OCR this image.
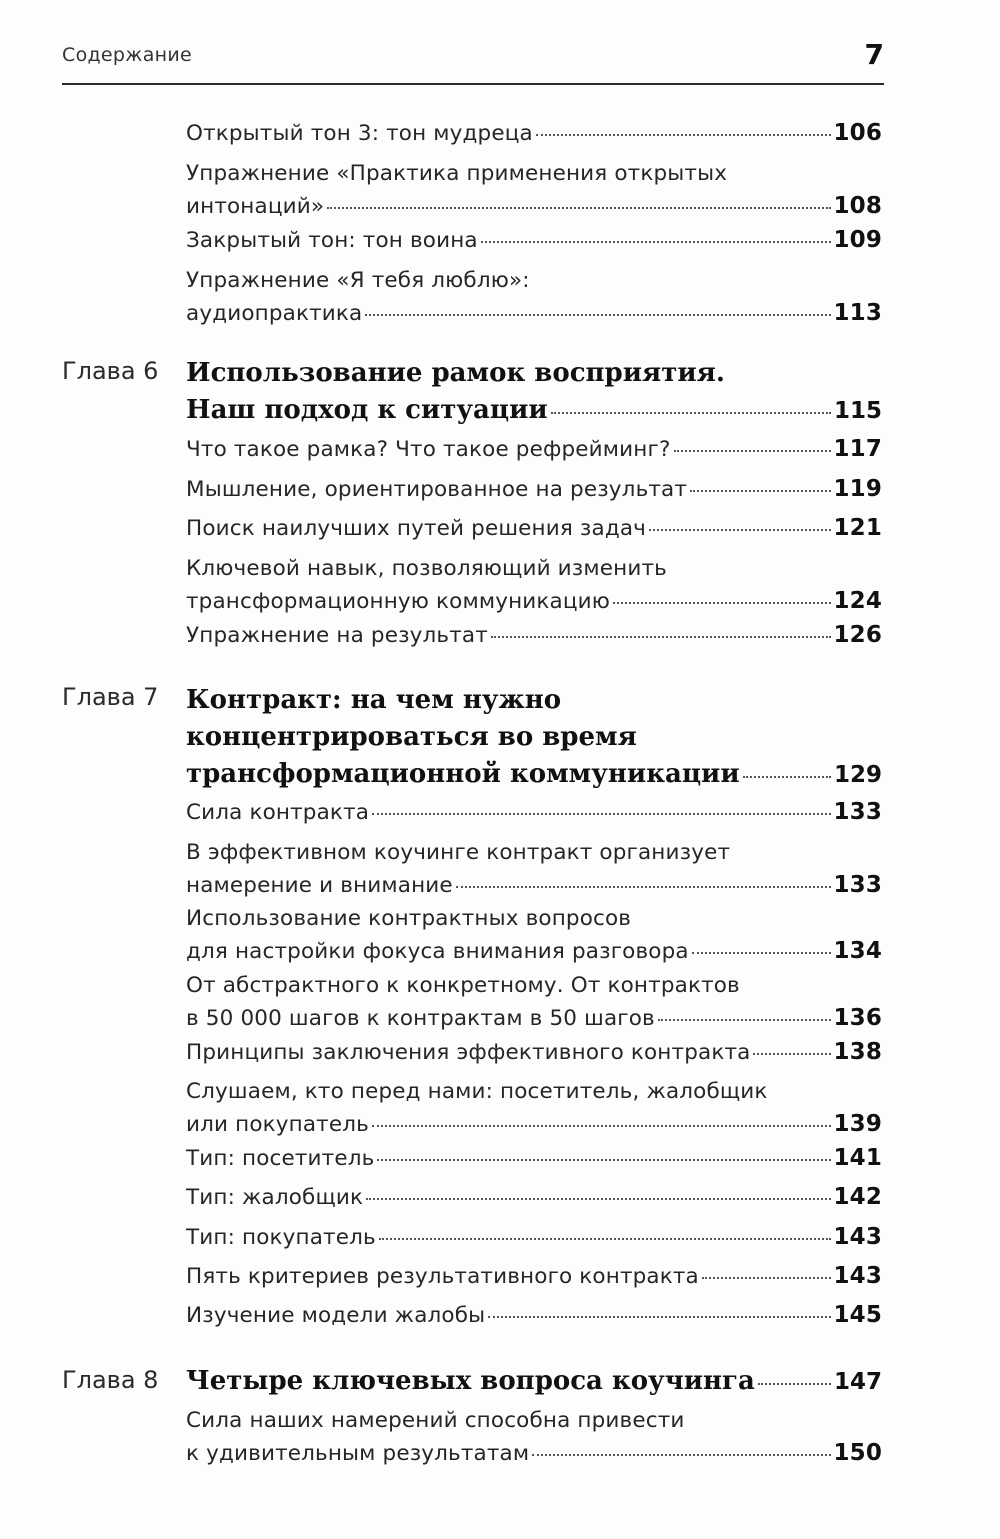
Содержание	7
Открытый тон 3: тон мудреца	106
Упражнение «Практика применения открытых
интонаций»	108
Закрытый тон: тон воина	109
Упражнение «Я тебя люблю»:
аудиопрактика	113
Глава 6 Использование рамок восприятия.
Наш подход к ситуации	115
Что такое рамка? Что такое рефрейминг?	117
Мышление, ориентированное на результат	119
Поиск наилучших путей решения задач	121
Ключевой навык, позволяющий изменить
трансформационную коммуникацию	124
Упражнение на результат	126
Глава 7 Контракт: на чем нужно
концентрироваться во время
трансформационной коммуникации	129
Сила контракта	133
В эффективном коучинге контракт организует
намерение и внимание	133
Использование контрактных вопросов
для настройки фокуса внимания разговора	134
От абстрактного к конкретному. От контрактов
в 50 000 шагов к контрактам в 50 шагов	136
Принципы заключения эффективного контракта	138
Слушаем, кто перед нами: посетитель, жалобщик
или покупатель	139
Тип: посетитель	141
Тип: жалобщик	142
Тип: покупатель	143
Пять критериев результативного контракта	143
Изучение модели жалобы	145
Глава 8 Четыре ключевых вопроса коучинга	147
Сила наших намерений способна привести
к удивительным результатам	150
